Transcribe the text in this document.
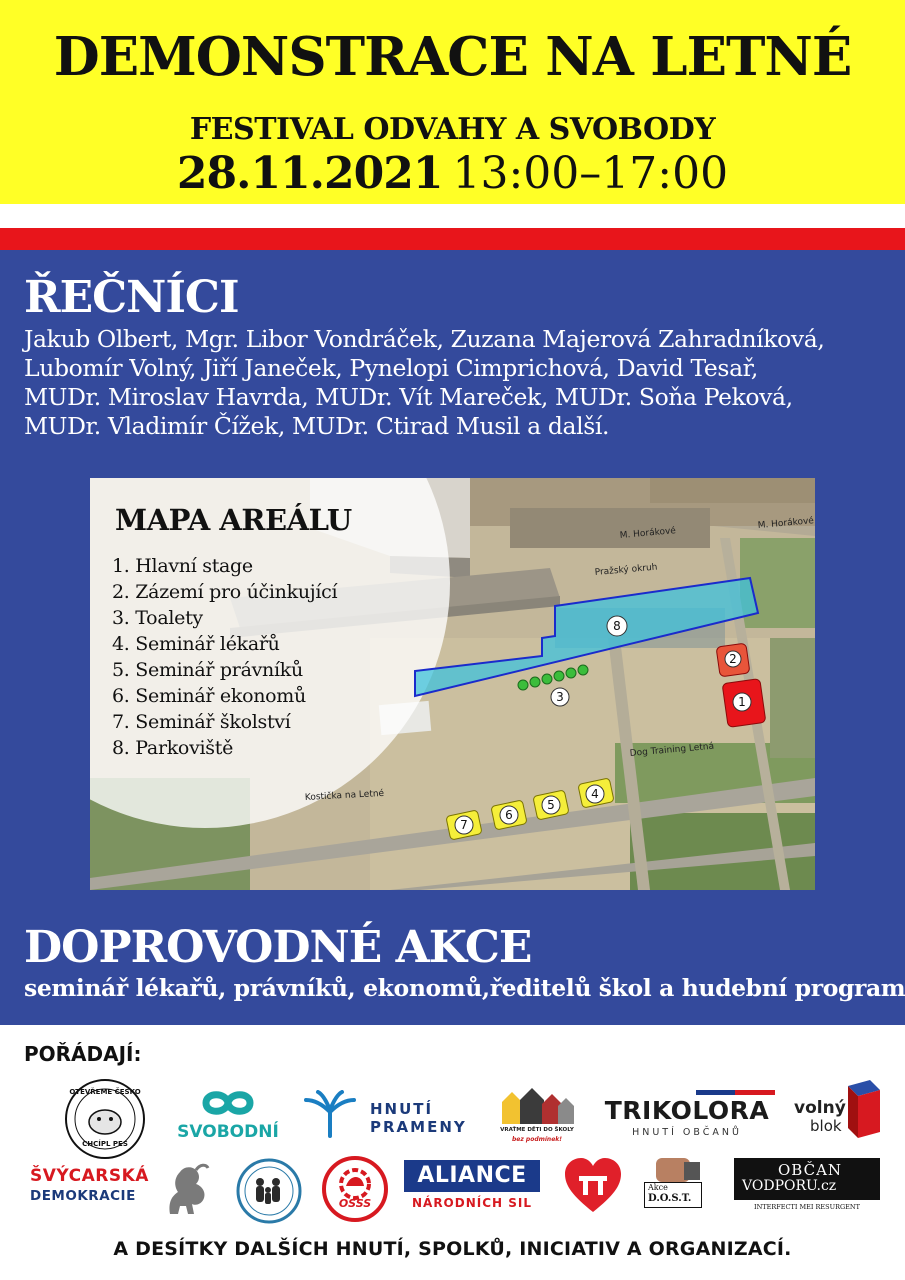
DEMONSTRACE NA LETNÉ
FESTIVAL ODVAHY A SVOBODY
28.11.2021 13:00–17:00
ŘEČNÍCI
Jakub Olbert, Mgr. Libor Vondráček, Zuzana Majerová Zahradníková,
Lubomír Volný, Jiří Janeček, Pynelopi Cimprichová, David Tesař,
MUDr. Miroslav Havrda, MUDr. Vít Mareček, MUDr. Soňa Peková,
MUDr. Vladimír Čížek, MUDr. Ctirad Musil a další.
1
2
3
4
5
6
7
8
M. Horákové
M. Horákové
Pražský okruh
Dog Training Letná
Kostička na Letné
MAPA AREÁLU
1. Hlavní stage
2. Zázemí pro účinkující
3. Toalety
4. Seminář lékařů
5. Seminář právníků
6. Seminář ekonomů
7. Seminář školství
8. Parkoviště
DOPROVODNÉ AKCE
seminář lékařů, právníků, ekonomů,ředitelů škol a hudební program
POŘÁDAJÍ:
OTEVŘEME ČESKO
CHCÍPL PES
SVOBODNÍ
HNUTÍ
PRAMENY	VRAŤME DĚTI DO ŠKOLY
bez podmínek!
TRIKOLORA
HNUTÍ OBČANŮ
volný
blok
ŠVÝCARSKÁ
DEMOKRACIE	OSSS
ALIANCE
NÁRODNÍCH SIL
Akce
D.O.S.T.
OBČAN
VODPORU.cz
INTERFECTI MEI RESURGENT
A DESÍTKY DALŠÍCH HNUTÍ, SPOLKŮ, INICIATIV A ORGANIZACÍ.
